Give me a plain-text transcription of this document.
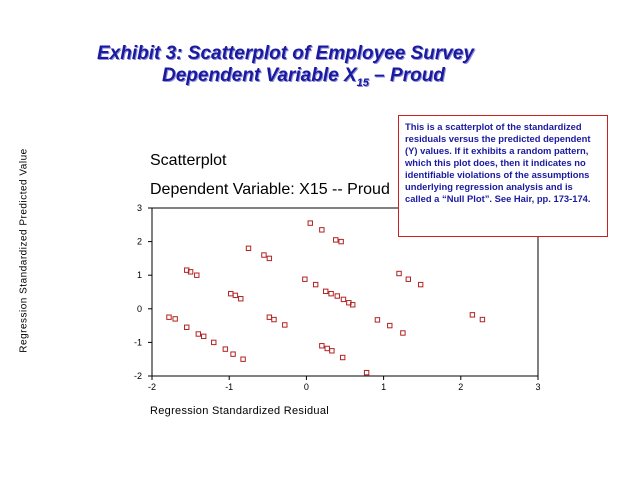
Exhibit 3: Scatterplot of Employee Survey
Dependent Variable $X_{15}$ – Proud
Scatterplot
Dependent Variable: X15 -- Proud
Regression Standardized Predicted Value
Regression Standardized Residual
-2	-1	0	1	2	3
3
2
1
0
-1
-2
This is a scatterplot of the standardized residuals versus the predicted dependent (Y) values. If it exhibits a random pattern, which this plot does, then it indicates no identifiable violations of the assumptions underlying regression analysis and is called a “Null Plot”. See Hair, pp. 173-174.
